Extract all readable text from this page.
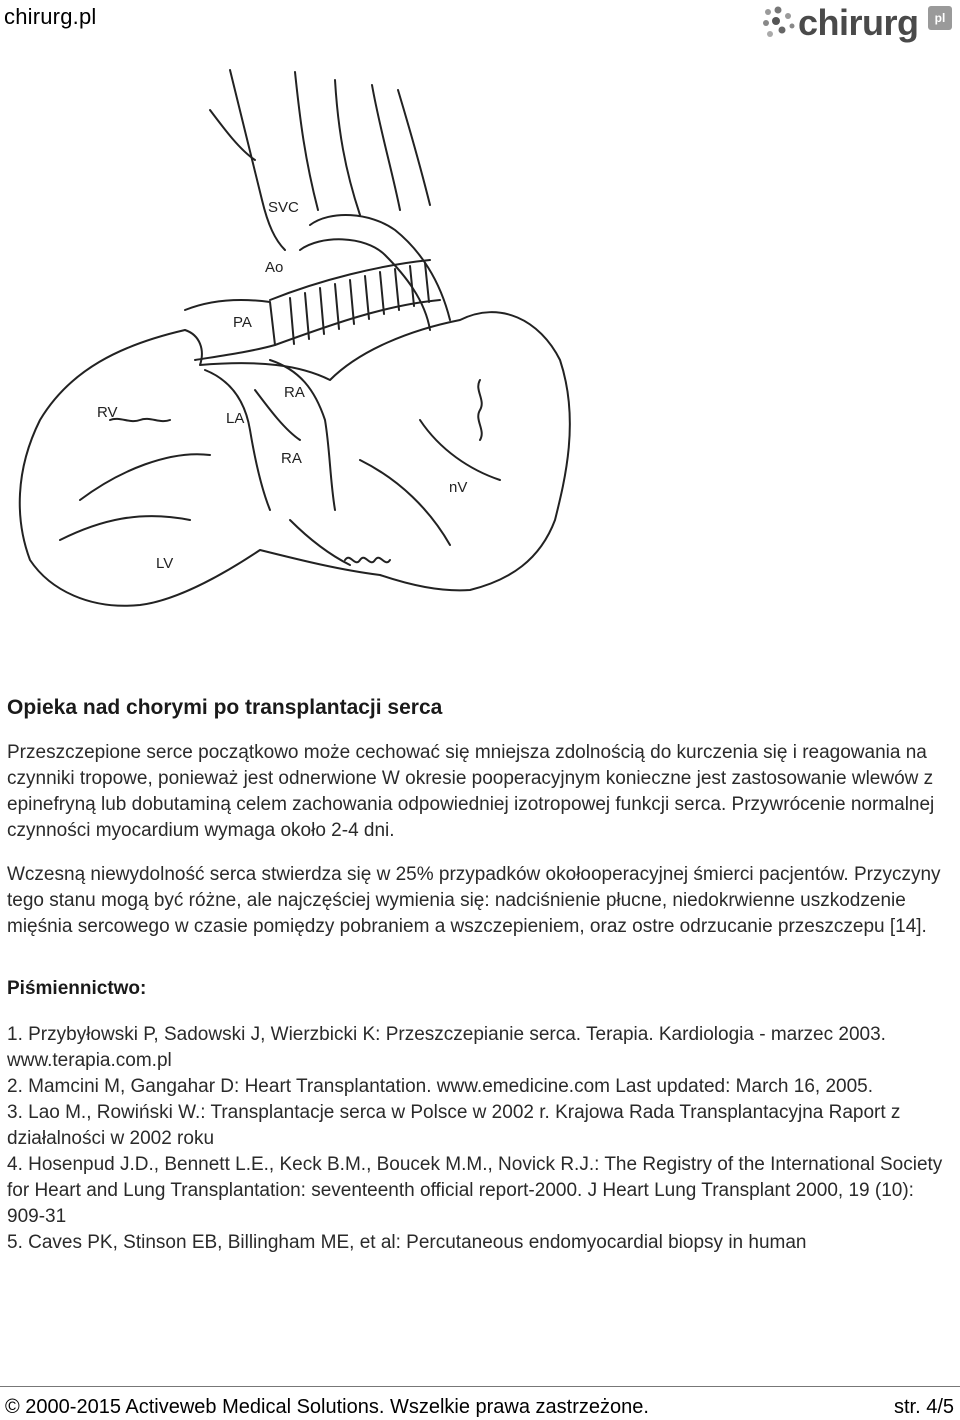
chirurg.pl	chirurg	pl
SVC
Ao
PA
RV	LA
RA
RA
nV
LV
Opieka nad chorymi po transplantacji serca

Przeszczepione serce początkowo może cechować się mniejsza zdolnością do kurczenia się i reagowania na czynniki tropowe, ponieważ jest odnerwione W okresie pooperacyjnym konieczne jest zastosowanie wlewów z epinefryną lub dobutaminą celem zachowania odpowiedniej izotropowej funkcji serca. Przywrócenie normalnej czynności myocardium wymaga około 2-4 dni.

Wczesną niewydolność serca stwierdza się w 25% przypadków okołooperacyjnej śmierci pacjentów. Przyczyny tego stanu mogą być różne, ale najczęściej wymienia się: nadciśnienie płucne, niedokrwienne uszkodzenie mięśnia sercowego w czasie pomiędzy pobraniem a wszczepieniem, oraz ostre odrzucanie przeszczepu [14].

Piśmiennictwo:
1. Przybyłowski P, Sadowski J, Wierzbicki K: Przeszczepianie serca. Terapia. Kardiologia - marzec 2003. www.terapia.com.pl
2. Mamcini M, Gangahar D: Heart Transplantation. www.emedicine.com Last updated: March 16, 2005.
3. Lao M., Rowiński W.: Transplantacje serca w Polsce w 2002 r. Krajowa Rada Transplantacyjna Raport z działalności w 2002 roku
4. Hosenpud J.D., Bennett L.E., Keck B.M., Boucek M.M., Novick R.J.: The Registry of the International Society for Heart and Lung Transplantation: seventeenth official report-2000. J Heart Lung Transplant 2000, 19 (10): 909-31
5. Caves PK, Stinson EB, Billingham ME, et al: Percutaneous endomyocardial biopsy in human
© 2000-2015 Activeweb Medical Solutions. Wszelkie prawa zastrzeżone.	str. 4/5
